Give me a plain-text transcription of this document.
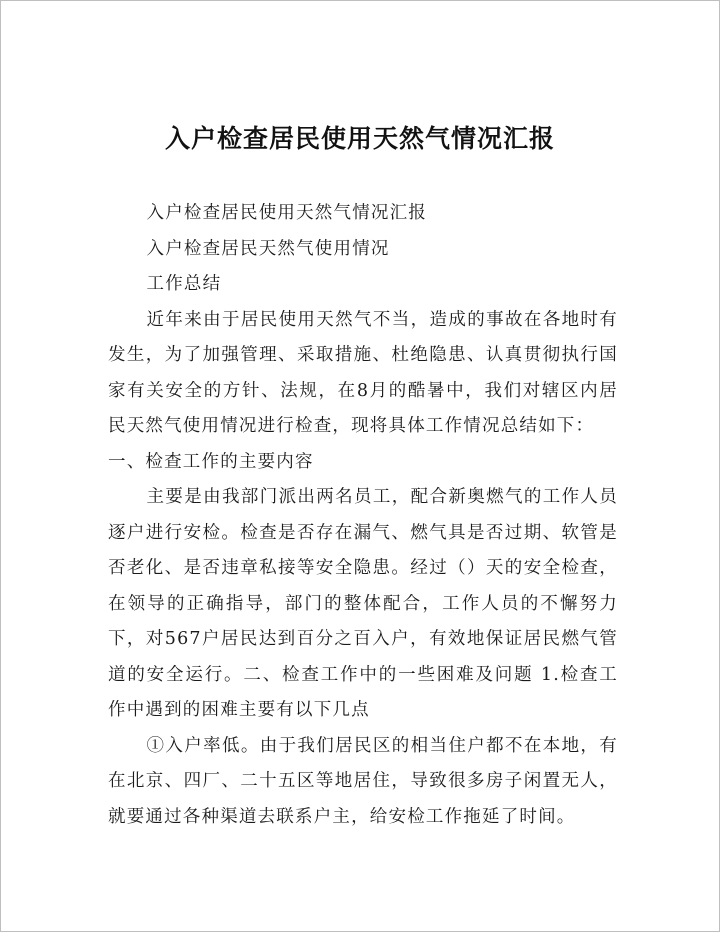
入户检查居民使用天然气情况汇报

入户检查居民使用天然气情况汇报

入户检查居民天然气使用情况

工作总结

近年来由于居民使用天然气不当，造成的事故在各地时有发生，为了加强管理、采取措施、杜绝隐患、认真贯彻执行国家有关安全的方针、法规，在8月的酷暑中，我们对辖区内居民天然气使用情况进行检查，现将具体工作情况总结如下：

一、检查工作的主要内容

主要是由我部门派出两名员工，配合新奥燃气的工作人员逐户进行安检。检查是否存在漏气、燃气具是否过期、软管是否老化、是否违章私接等安全隐患。经过（）天的安全检查，在领导的正确指导，部门的整体配合，工作人员的不懈努力下，对567户居民达到百分之百入户，有效地保证居民燃气管道的安全运行。二、检查工作中的一些困难及问题 1.检查工作中遇到的困难主要有以下几点

①入户率低。由于我们居民区的相当住户都不在本地，有在北京、四厂、二十五区等地居住，导致很多房子闲置无人，就要通过各种渠道去联系户主，给安检工作拖延了时间。
